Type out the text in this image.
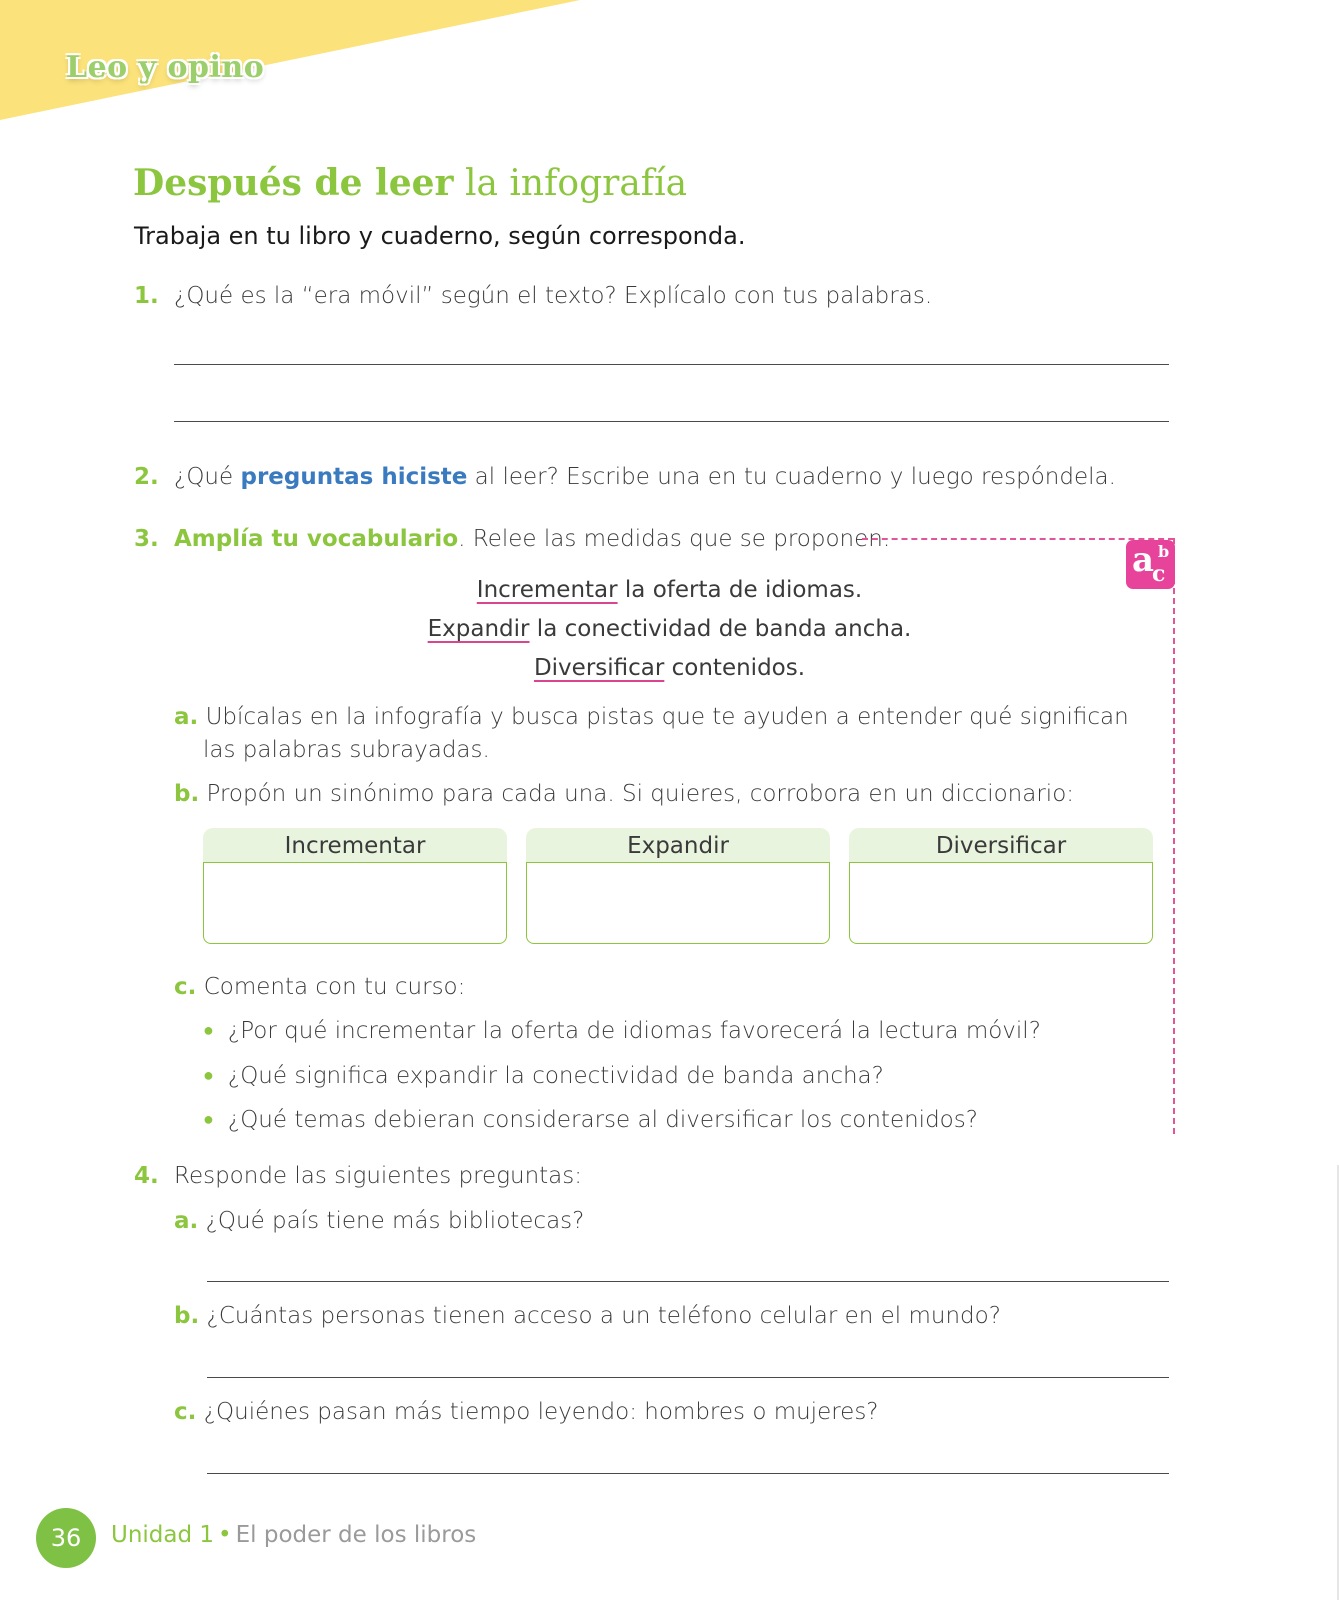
Leo y opino
Después de leer la infografía
Trabaja en tu libro y cuaderno, según corresponda.
1. ¿Qué es la “era móvil” según el texto? Explícalo con tus palabras.
2. ¿Qué preguntas hiciste al leer? Escribe una en tu cuaderno y luego respóndela.
3. Amplía tu vocabulario. Relee las medidas que se proponen.
a b
c
Incrementar la oferta de idiomas.
Expandir la conectividad de banda ancha.
Diversificar contenidos.
a. Ubícalas en la infografía y busca pistas que te ayuden a entender qué significan
las palabras subrayadas.
b. Propón un sinónimo para cada una. Si quieres, corrobora en un diccionario:
Incrementar	Expandir	Diversificar
c. Comenta con tu curso:
● ¿Por qué incrementar la oferta de idiomas favorecerá la lectura móvil?
● ¿Qué significa expandir la conectividad de banda ancha?
● ¿Qué temas debieran considerarse al diversificar los contenidos?
4. Responde las siguientes preguntas:
a. ¿Qué país tiene más bibliotecas?
b. ¿Cuántas personas tienen acceso a un teléfono celular en el mundo?
c. ¿Quiénes pasan más tiempo leyendo: hombres o mujeres?
36	Unidad 1 • El poder de los libros
